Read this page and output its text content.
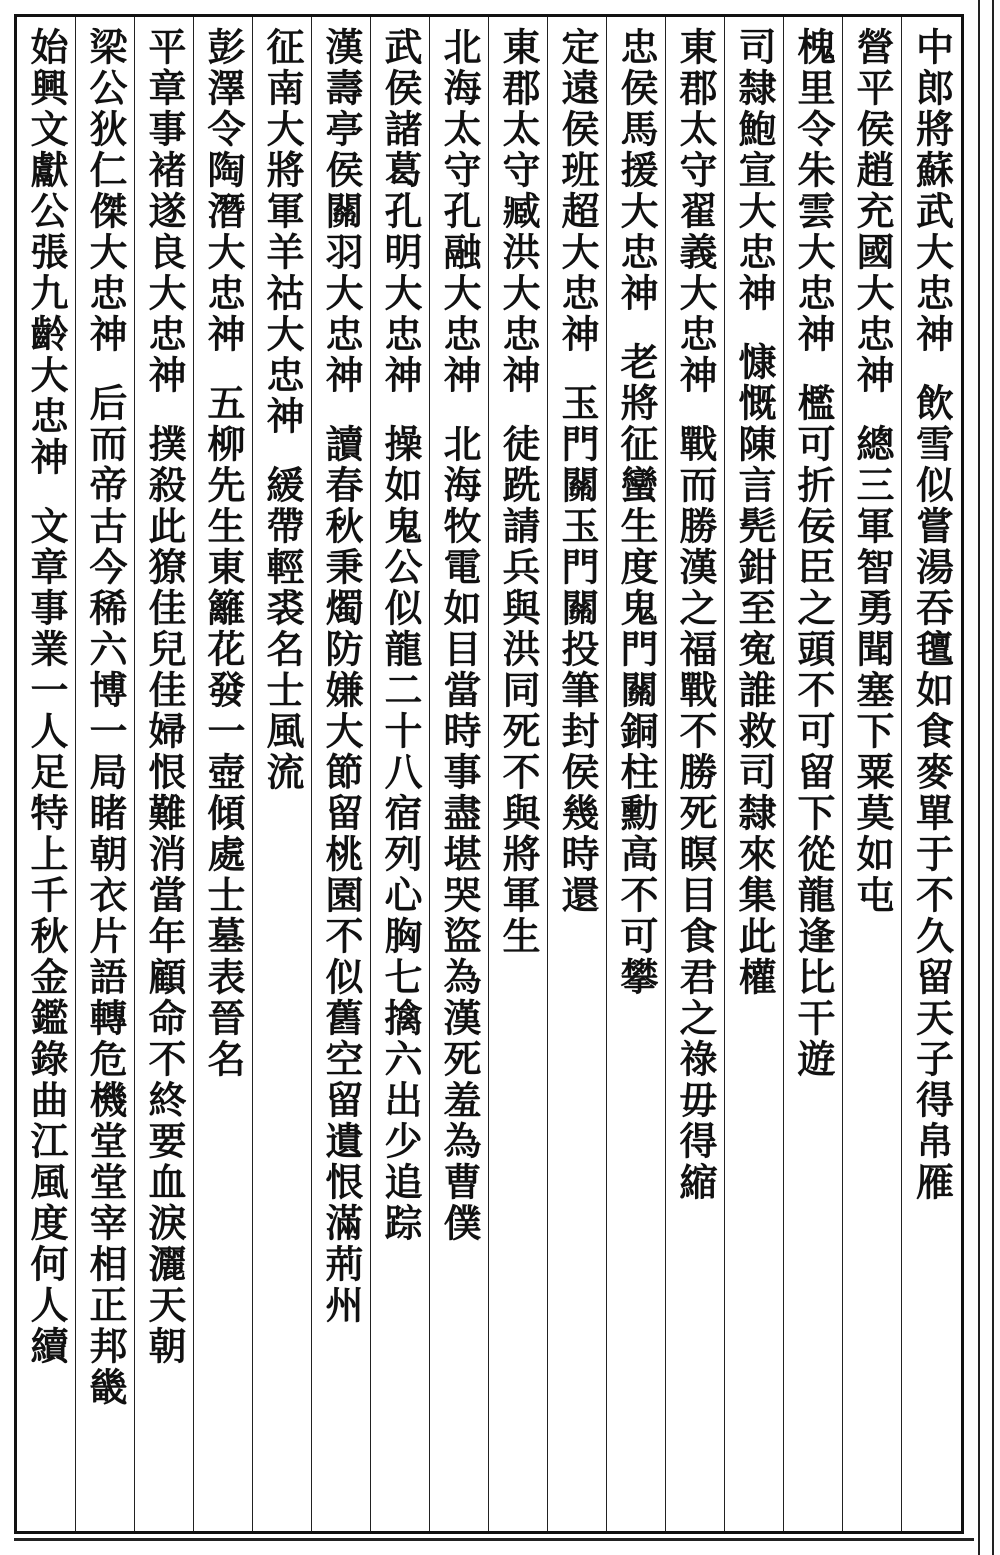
中郎將蘇武大忠神
飲雪似嘗湯吞氊如食麥單于不久留天子得帛雁
營平侯趙充國大忠神
總三軍智勇聞塞下粟莫如屯
槐里令朱雲大忠神
檻可折佞臣之頭不可留下從龍逢比干遊
司隸鮑宣大忠神
慷慨陳言髡鉗至寃誰救司隸來集此權
東郡太守翟義大忠神
戰而勝漢之福戰不勝死瞑目食君之祿毋得縮
忠侯馬援大忠神
老將征蠻生度鬼門關銅柱勳高不可攀
定遠侯班超大忠神
玉門關玉門關投筆封侯幾時還
東郡太守臧洪大忠神
徒跣請兵與洪同死不與將軍生
北海太守孔融大忠神
北海牧電如目當時事盡堪哭盜為漢死羞為曹僕
武侯諸葛孔明大忠神
操如鬼公似龍二十八宿列心胸七擒六出少追踪
漢壽亭侯關羽大忠神
讀春秋秉燭防嫌大節留桃園不似舊空留遺恨滿荊州
征南大將軍羊祜大忠神
緩帶輕裘名士風流
彭澤令陶潛大忠神
五柳先生東籬花發一壺傾處士墓表晉名
平章事褚遂良大忠神
撲殺此獠佳兒佳婦恨難消當年顧命不終要血淚灑天朝
梁公狄仁傑大忠神
后而帝古今稀六博一局睹朝衣片語轉危機堂堂宰相正邦畿
始興文獻公張九齡大忠神
文章事業一人足特上千秋金鑑錄曲江風度何人續
